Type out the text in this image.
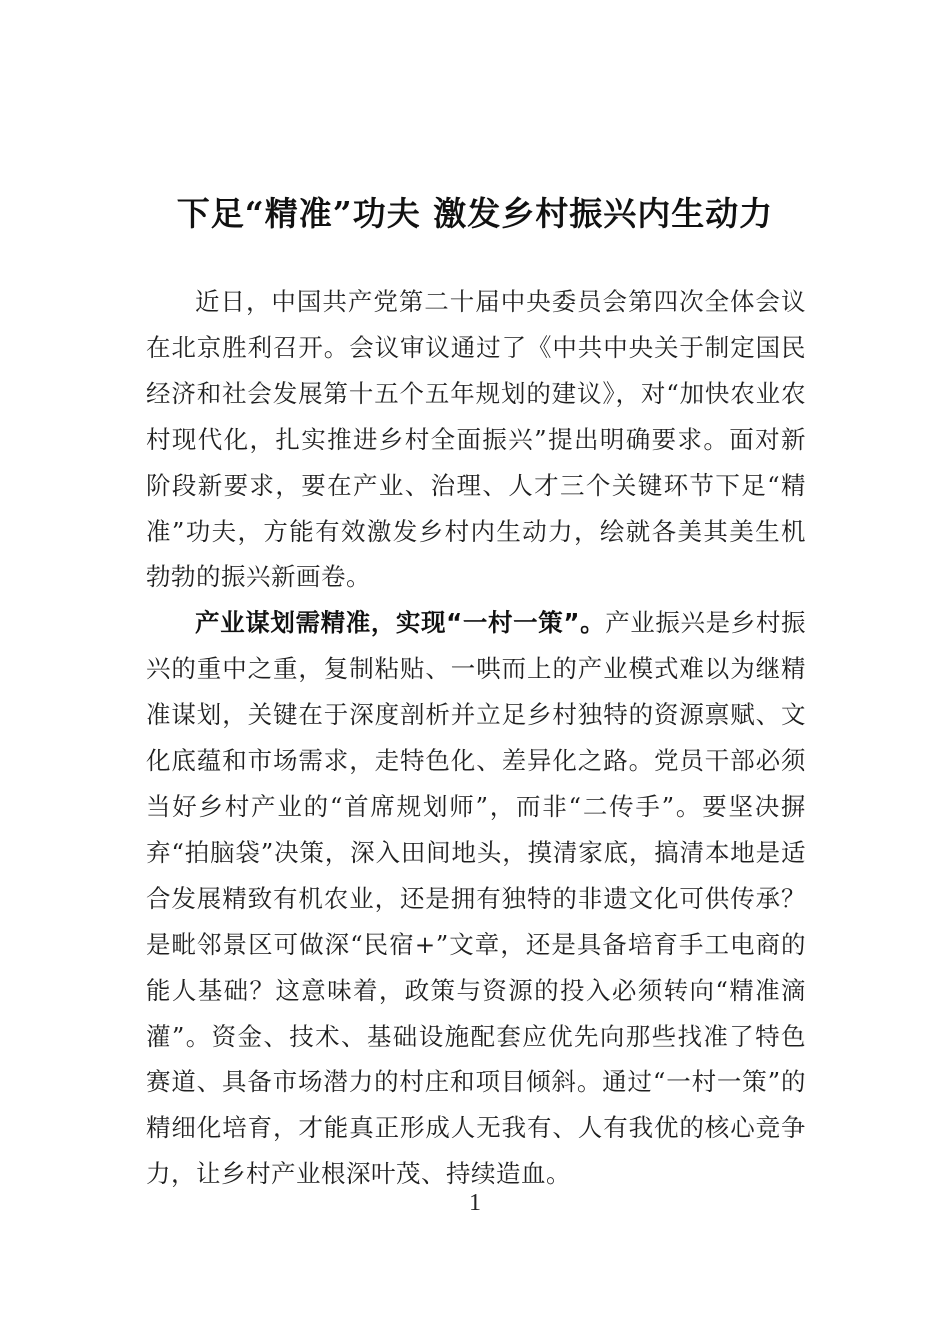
下足“精准”功夫 激发乡村振兴内生动力

近日，中国共产党第二十届中央委员会第四次全体会议在北京胜利召开。会议审议通过了《中共中央关于制定国民经济和社会发展第十五个五年规划的建议》，对“加快农业农村现代化，扎实推进乡村全面振兴”提出明确要求。面对新阶段新要求，要在产业、治理、人才三个关键环节下足“精准”功夫，方能有效激发乡村内生动力，绘就各美其美生机勃勃的振兴新画卷。

产业谋划需精准，实现“一村一策”。产业振兴是乡村振兴的重中之重，复制粘贴、一哄而上的产业模式难以为继精准谋划，关键在于深度剖析并立足乡村独特的资源禀赋、文化底蕴和市场需求，走特色化、差异化之路。党员干部必须当好乡村产业的“首席规划师”，而非“二传手”。要坚决摒弃“拍脑袋”决策，深入田间地头，摸清家底，搞清本地是适合发展精致有机农业，还是拥有独特的非遗文化可供传承？是毗邻景区可做深“民宿+”文章，还是具备培育手工电商的能人基础？这意味着，政策与资源的投入必须转向“精准滴灌”。资金、技术、基础设施配套应优先向那些找准了特色赛道、具备市场潜力的村庄和项目倾斜。通过“一村一策”的精细化培育，才能真正形成人无我有、人有我优的核心竞争力，让乡村产业根深叶茂、持续造血。

1
